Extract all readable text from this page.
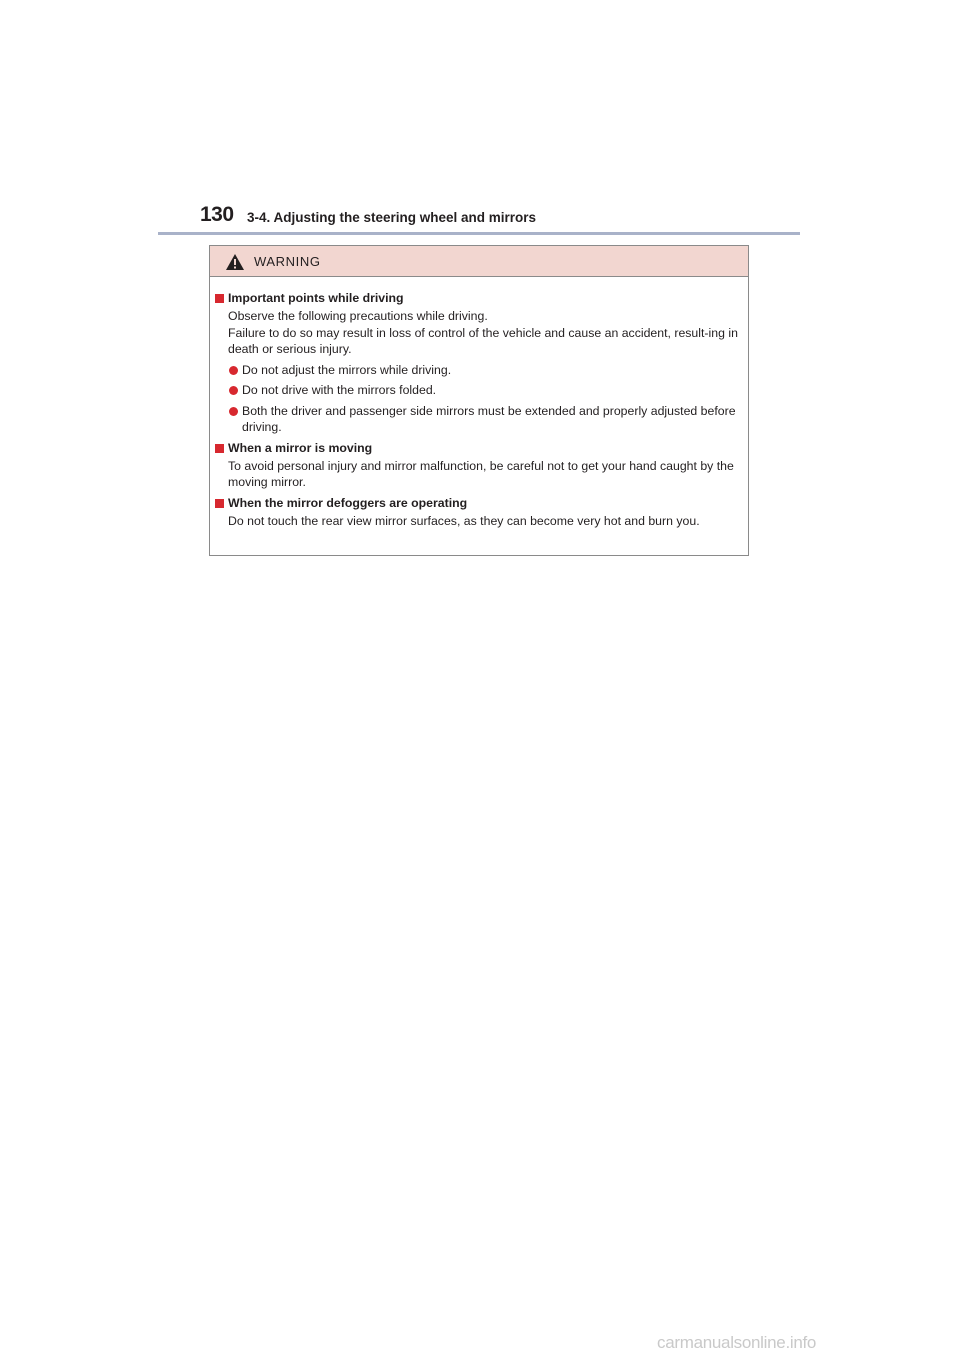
130 3-4. Adjusting the steering wheel and mirrors
WARNING
Important points while driving
Observe the following precautions while driving.
Failure to do so may result in loss of control of the vehicle and cause an accident, result-ing in death or serious injury.
Do not adjust the mirrors while driving.
Do not drive with the mirrors folded.
Both the driver and passenger side mirrors must be extended and properly adjusted before driving.
When a mirror is moving
To avoid personal injury and mirror malfunction, be careful not to get your hand caught by the moving mirror.
When the mirror defoggers are operating
Do not touch the rear view mirror surfaces, as they can become very hot and burn you.
carmanualsonline.info
